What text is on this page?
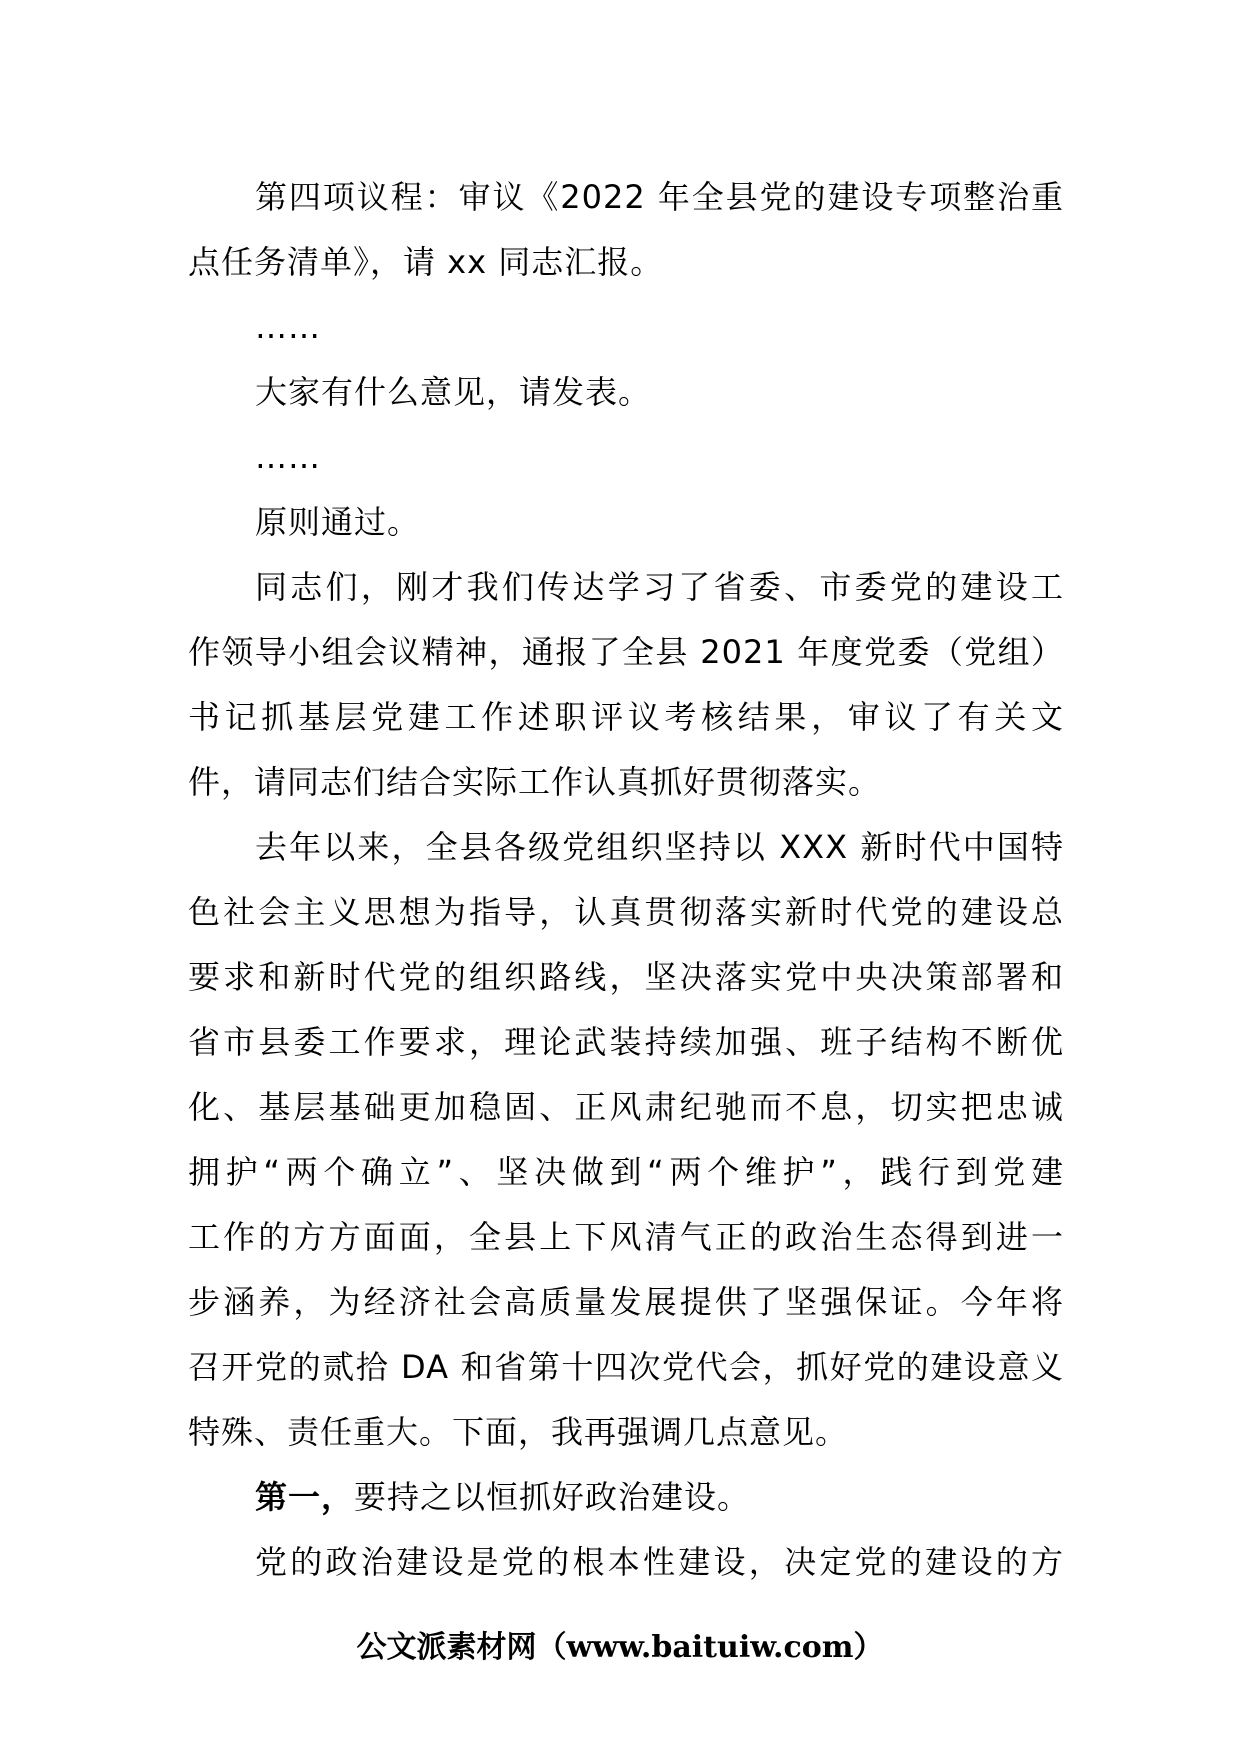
第四项议程：审议《2022 年全县党的建设专项整治重
点任务清单》，请 xx 同志汇报。
……
大家有什么意见，请发表。
……
原则通过。
同志们，刚才我们传达学习了省委、市委党的建设工
作领导小组会议精神，通报了全县 2021 年度党委（党组）
书记抓基层党建工作述职评议考核结果，审议了有关文
件，请同志们结合实际工作认真抓好贯彻落实。
去年以来，全县各级党组织坚持以 XXX 新时代中国特
色社会主义思想为指导，认真贯彻落实新时代党的建设总
要求和新时代党的组织路线，坚决落实党中央决策部署和
省市县委工作要求，理论武装持续加强、班子结构不断优
化、基层基础更加稳固、正风肃纪驰而不息，切实把忠诚
拥护“两个确立”、坚决做到“两个维护”，践行到党建
工作的方方面面，全县上下风清气正的政治生态得到进一
步涵养，为经济社会高质量发展提供了坚强保证。今年将
召开党的贰拾 DA 和省第十四次党代会，抓好党的建设意义
特殊、责任重大。下面，我再强调几点意见。
第一，要持之以恒抓好政治建设。
党的政治建设是党的根本性建设，决定党的建设的方
公文派素材网（www.baituiw.com）
